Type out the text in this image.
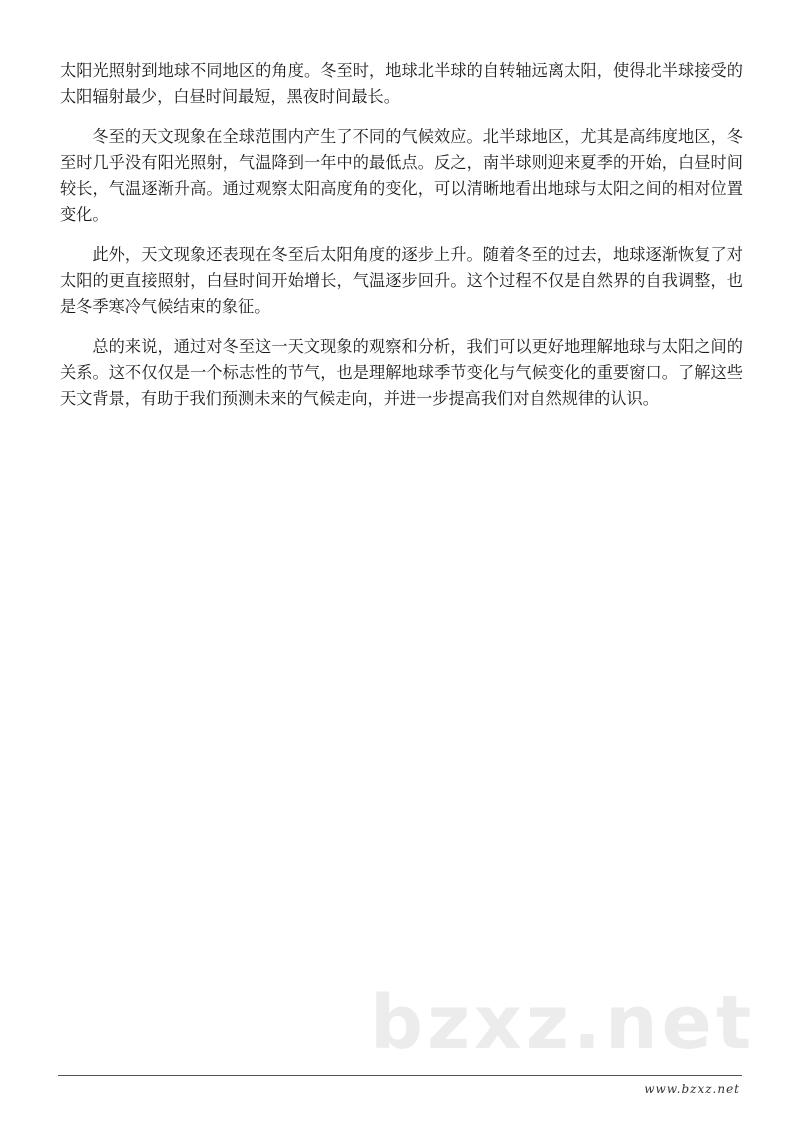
太阳光照射到地球不同地区的角度。冬至时，地球北半球的自转轴远离太阳，使得北半球接受的太阳辐射最少，白昼时间最短，黑夜时间最长。

冬至的天文现象在全球范围内产生了不同的气候效应。北半球地区，尤其是高纬度地区，冬至时几乎没有阳光照射，气温降到一年中的最低点。反之，南半球则迎来夏季的开始，白昼时间较长，气温逐渐升高。通过观察太阳高度角的变化，可以清晰地看出地球与太阳之间的相对位置变化。

此外，天文现象还表现在冬至后太阳角度的逐步上升。随着冬至的过去，地球逐渐恢复了对太阳的更直接照射，白昼时间开始增长，气温逐步回升。这个过程不仅是自然界的自我调整，也是冬季寒冷气候结束的象征。

总的来说，通过对冬至这一天文现象的观察和分析，我们可以更好地理解地球与太阳之间的关系。这不仅仅是一个标志性的节气，也是理解地球季节变化与气候变化的重要窗口。了解这些天文背景，有助于我们预测未来的气候走向，并进一步提高我们对自然规律的认识。

bzxz.net
www.bzxz.net
